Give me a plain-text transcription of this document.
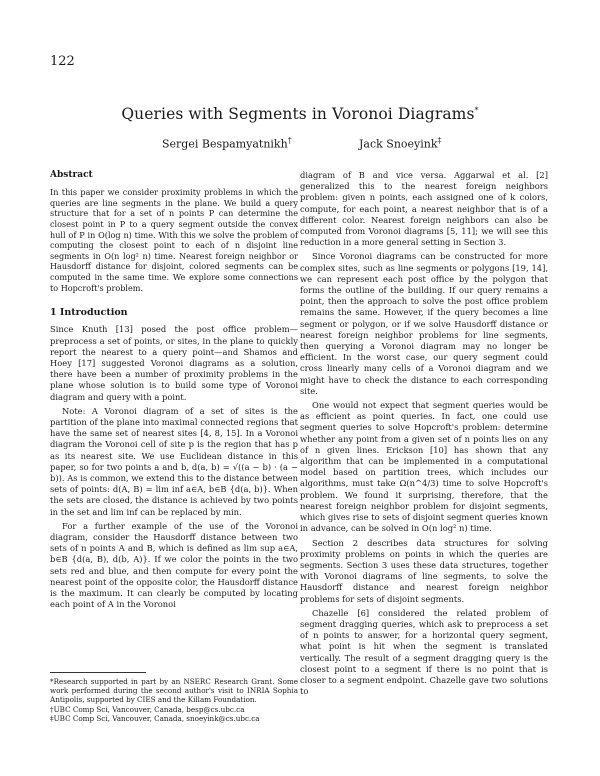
122
Queries with Segments in Voronoi Diagrams*
Sergei Bespamyatnikh†	Jack Snoeyink‡
Abstract

In this paper we consider proximity problems in which the queries are line segments in the plane. We build a query structure that for a set of n points P can determine the closest point in P to a query segment outside the convex hull of P in O(log n) time. With this we solve the problem of computing the closest point to each of n disjoint line segments in O(n log² n) time. Nearest foreign neighbor or Hausdorff distance for disjoint, colored segments can be computed in the same time. We explore some connections to Hopcroft's problem.

1 Introduction

Since Knuth [13] posed the post office problem—preprocess a set of points, or sites, in the plane to quickly report the nearest to a query point—and Shamos and Hoey [17] suggested Voronoi diagrams as a solution, there have been a number of proximity problems in the plane whose solution is to build some type of Voronoi diagram and query with a point.

Note: A Voronoi diagram of a set of sites is the partition of the plane into maximal connected regions that have the same set of nearest sites [4, 8, 15]. In a Voronoi diagram the Voronoi cell of site p is the region that has p as its nearest site. We use Euclidean distance in this paper, so for two points a and b, d(a, b) = √((a − b) · (a − b)). As is common, we extend this to the distance between sets of points: d(A, B) = lim inf a∈A, b∈B {d(a, b)}. When the sets are closed, the distance is achieved by two points in the set and lim inf can be replaced by min.

For a further example of the use of the Voronoi diagram, consider the Hausdorff distance between two sets of n points A and B, which is defined as lim sup a∈A, b∈B {d(a, B), d(b, A)}. If we color the points in the two sets red and blue, and then compute for every point the nearest point of the opposite color, the Hausdorff distance is the maximum. It can clearly be computed by locating each point of A in the Voronoi

*Research supported in part by an NSERC Research Grant. Some work performed during the second author's visit to INRIA Sophia Antipolis, supported by CIES and the Killam Foundation.
†UBC Comp Sci, Vancouver, Canada, besp@cs.ubc.ca
‡UBC Comp Sci, Vancouver, Canada, snoeyink@cs.ubc.ca

diagram of B and vice versa. Aggarwal et al. [2] generalized this to the nearest foreign neighbors problem: given n points, each assigned one of k colors, compute, for each point, a nearest neighbor that is of a different color. Nearest foreign neighbors can also be computed from Voronoi diagrams [5, 11]; we will see this reduction in a more general setting in Section 3.

Since Voronoi diagrams can be constructed for more complex sites, such as line segments or polygons [19, 14], we can represent each post office by the polygon that forms the outline of the building. If our query remains a point, then the approach to solve the post office problem remains the same. However, if the query becomes a line segment or polygon, or if we solve Hausdorff distance or nearest foreign neighbor problems for line segments, then querying a Voronoi diagram may no longer be efficient. In the worst case, our query segment could cross linearly many cells of a Voronoi diagram and we might have to check the distance to each corresponding site.

One would not expect that segment queries would be as efficient as point queries. In fact, one could use segment queries to solve Hopcroft's problem: determine whether any point from a given set of n points lies on any of n given lines. Erickson [10] has shown that any algorithm that can be implemented in a computational model based on partition trees, which includes our algorithms, must take Ω(n^4/3) time to solve Hopcroft's problem. We found it surprising, therefore, that the nearest foreign neighbor problem for disjoint segments, which gives rise to sets of disjoint segment queries known in advance, can be solved in O(n log² n) time.

Section 2 describes data structures for solving proximity problems on points in which the queries are segments. Section 3 uses these data structures, together with Voronoi diagrams of line segments, to solve the Hausdorff distance and nearest foreign neighbor problems for sets of disjoint segments.

Chazelle [6] considered the related problem of segment dragging queries, which ask to preprocess a set of n points to answer, for a horizontal query segment, what point is hit when the segment is translated vertically. The result of a segment dragging query is the closest point to a segment if there is no point that is closer to a segment endpoint. Chazelle gave two solutions to
